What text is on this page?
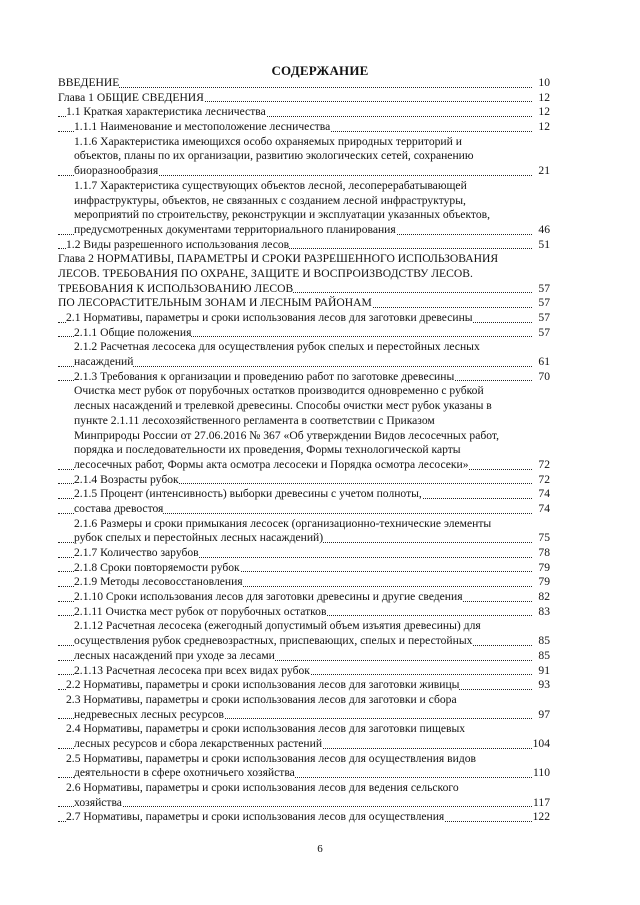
СОДЕРЖАНИЕ
ВВЕДЕНИЕ	10
Глава 1 ОБЩИЕ СВЕДЕНИЯ	12
1.1 Краткая характеристика лесничества	12
1.1.1 Наименование и местоположение лесничества	12
1.1.6 Характеристика имеющихся особо охраняемых природных территорий и
объектов, планы по их организации, развитию экологических сетей, сохранению
биоразнообразия	21
1.1.7 Характеристика существующих объектов лесной, лесоперерабатывающей
инфраструктуры, объектов, не связанных с созданием лесной инфраструктуры,
мероприятий по строительству, реконструкции и эксплуатации указанных объектов,
предусмотренных документами территориального планирования	46
1.2 Виды разрешенного использования лесов	51
Глава 2 НОРМАТИВЫ, ПАРАМЕТРЫ И СРОКИ РАЗРЕШЕННОГО ИСПОЛЬЗОВАНИЯ
ЛЕСОВ. ТРЕБОВАНИЯ ПО ОХРАНЕ, ЗАЩИТЕ И ВОСПРОИЗВОДСТВУ ЛЕСОВ.
ТРЕБОВАНИЯ К ИСПОЛЬЗОВАНИЮ ЛЕСОВ	57
ПО ЛЕСОРАСТИТЕЛЬНЫМ ЗОНАМ И ЛЕСНЫМ РАЙОНАМ	57
2.1 Нормативы, параметры и сроки использования лесов для заготовки древесины	57
2.1.1 Общие положения	57
2.1.2 Расчетная лесосека для осуществления рубок спелых и перестойных лесных
насаждений	61
2.1.3 Требования к организации и проведению работ по заготовке древесины	70
Очистка мест рубок от порубочных остатков производится одновременно с рубкой
лесных насаждений и трелевкой древесины. Способы очистки мест рубок указаны в
пункте 2.1.11 лесохозяйственного регламента в соответствии с Приказом
Минприроды России от 27.06.2016 № 367 «Об утверждении Видов лесосечных работ,
порядка и последовательности их проведения, Формы технологической карты
лесосечных работ, Формы акта осмотра лесосеки и Порядка осмотра лесосеки»	72
2.1.4 Возрасты рубок	72
2.1.5 Процент (интенсивность) выборки древесины с учетом полноты,	74
состава древостоя	74
2.1.6 Размеры и сроки примыкания лесосек (организационно-технические элементы
рубок спелых и перестойных лесных насаждений)	75
2.1.7 Количество зарубов	78
2.1.8 Сроки повторяемости рубок	79
2.1.9 Методы лесовосстановления	79
2.1.10 Сроки использования лесов для заготовки древесины и другие сведения	82
2.1.11 Очистка мест рубок от порубочных остатков	83
2.1.12 Расчетная лесосека (ежегодный допустимый объем изъятия древесины) для
осуществления рубок средневозрастных, приспевающих, спелых и перестойных	85
лесных насаждений при уходе за лесами	85
2.1.13 Расчетная лесосека при всех видах рубок	91
2.2 Нормативы, параметры и сроки использования лесов для заготовки живицы	93
2.3 Нормативы, параметры и сроки использования лесов для заготовки и сбора
недревесных лесных ресурсов	97
2.4 Нормативы, параметры и сроки использования лесов для заготовки пищевых
лесных ресурсов и сбора лекарственных растений	104
2.5 Нормативы, параметры и сроки использования лесов для осуществления видов
деятельности в сфере охотничьего хозяйства	110
2.6 Нормативы, параметры и сроки использования лесов для ведения сельского
хозяйства	117
2.7 Нормативы, параметры и сроки использования лесов для осуществления	122
6
